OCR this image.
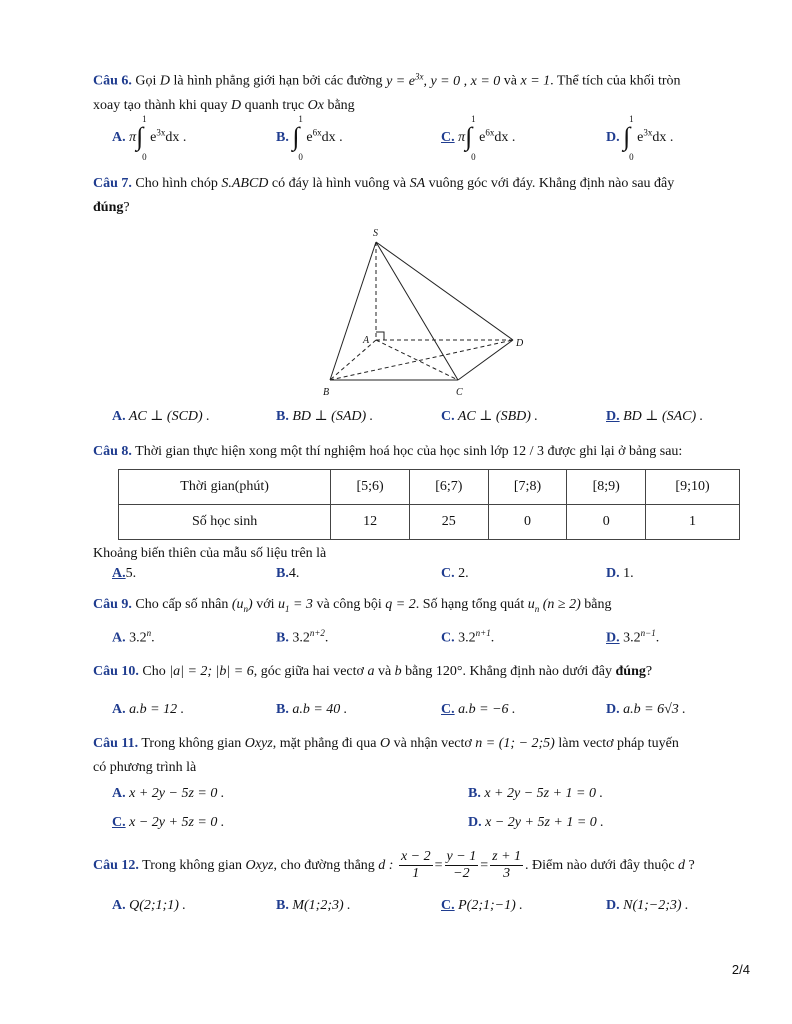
Câu 6. Gọi D là hình phẳng giới hạn bởi các đường $y = e^{3x}$, y = 0 , x = 0 và x = 1. Thể tích của khối tròn
xoay tạo thành khi quay D quanh trục Ox bằng
A. π ∫
1
0
$e^{3x}dx$ .	B. ∫
1
0
$e^{6x}dx$ .	C. π ∫
1
0
$e^{6x}dx$ .	D. ∫
1
0
$e^{3x}dx$ .
Câu 7. Cho hình chóp S.ABCD có đáy là hình vuông và SA vuông góc với đáy. Khẳng định nào sau đây
đúng?
S
A
B	C
D
A. AC ⊥ (SCD) .	B. BD ⊥ (SAD) .	C. AC ⊥ (SBD) .	D. BD ⊥ (SAC) .
Câu 8. Thời gian thực hiện xong một thí nghiệm hoá học của học sinh lớp 12 / 3 được ghi lại ở bảng sau:
Thời gian(phút)	[5;6)	[6;7)	[7;8)	[8;9)	[9;10)
Số học sinh	12	25	0	0	1
Khoảng biến thiên của mẫu số liệu trên là
A.5.	B.4.	C. 2.	D. 1.
Câu 9. Cho cấp số nhân $(u_n)$ với $u_1 = 3$ và công bội q = 2. Số hạng tổng quát $u_n$ (n ≥ 2) bằng
A. 3.2$^n$.	B. $3.2^{n+2}$.	C. $3.2^{n+1}$.	D. $3.2^{n-1}$.
Câu 10. Cho |a| = 2; |b| = 6, góc giữa hai vectơ a và b bằng 120°. Khẳng định nào dưới đây đúng?
A. a.b = 12 .	B. a.b = 40 .	C. a.b = −6 .	D. a.b = 6√3 .
Câu 11. Trong không gian Oxyz, mặt phẳng đi qua O và nhận vectơ n = (1; − 2;5) làm vectơ pháp tuyến
có phương trình là
A. x + 2y − 5z = 0 .	B. x + 2y − 5z + 1 = 0 .
C. x − 2y + 5z = 0 .	D. x − 2y + 5z + 1 = 0 .
Câu 12. Trong không gian Oxyz, cho đường thẳng d : $\frac{x - 2}{1} = \frac{y - 1}{-2} = \frac{z + 1}{3}$ . Điểm nào dưới đây thuộc d ?
A. Q(2;1;1) .	B. M(1;2;3) .	C. P(2;1;−1) .	D. N(1;−2;3) .
2/4
